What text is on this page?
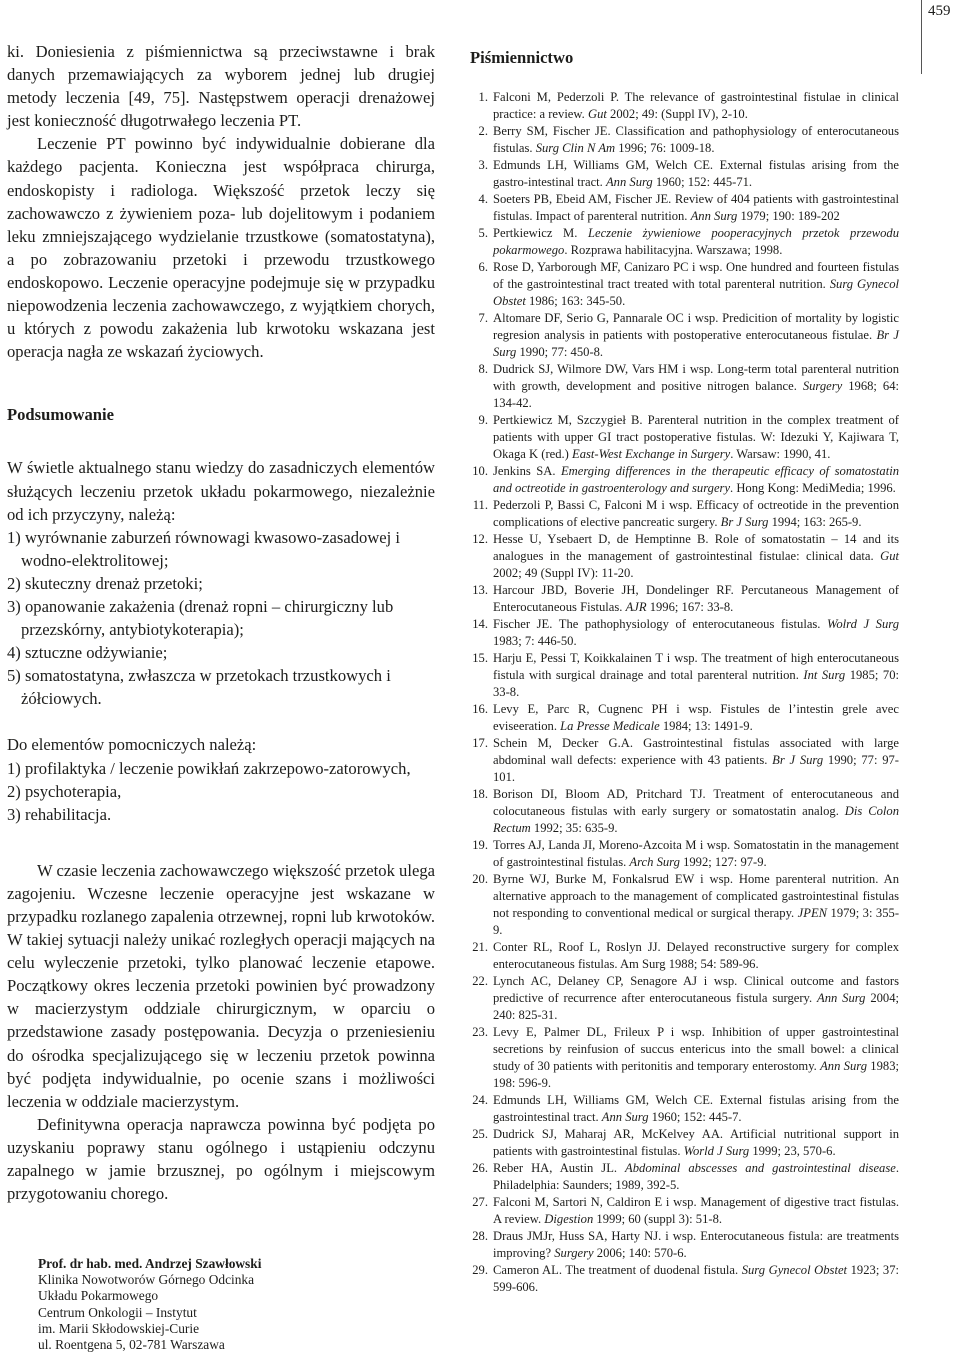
459

ki. Doniesienia z piśmiennictwa są przeciwstawne i brak danych przemawiających za wyborem jednej lub drugiej metody leczenia [49, 75]. Następstwem operacji drenażowej jest konieczność długotrwałego leczenia PT.

Leczenie PT powinno być indywidualnie dobierane dla każdego pacjenta. Konieczna jest współpraca chirurga, endoskopisty i radiologa. Większość przetok leczy się zachowawczo z żywieniem poza- lub dojelitowym i podaniem leku zmniejszającego wydzielanie trzustkowe (somatostatyna), a po zobrazowaniu przetoki i przewodu trzustkowego endoskopowo. Leczenie operacyjne podejmuje się w przypadku niepowodzenia leczenia zachowawczego, z wyjątkiem chorych, u których z powodu zakażenia lub krwotoku wskazana jest operacja nagła ze wskazań życiowych.

Podsumowanie

W świetle aktualnego stanu wiedzy do zasadniczych elementów służących leczeniu przetok układu pokarmowego, niezależnie od ich przyczyny, należą:

1) wyrównanie zaburzeń równowagi kwasowo-zasadowej i wodno-elektrolitowej;
2) skuteczny drenaż przetoki;
3) opanowanie zakażenia (drenaż ropni – chirurgiczny lub przezskórny, antybiotykoterapia);
4) sztuczne odżywianie;
5) somatostatyna, zwłaszcza w przetokach trzustkowych i żółciowych.

Do elementów pomocniczych należą:

1) profilaktyka / leczenie powikłań zakrzepowo-zatorowych,
2) psychoterapia,
3) rehabilitacja.

W czasie leczenia zachowawczego większość przetok ulega zagojeniu. Wczesne leczenie operacyjne jest wskazane w przypadku rozlanego zapalenia otrzewnej, ropni lub krwotoków. W takiej sytuacji należy unikać rozległych operacji mających na celu wyleczenie przetoki, tylko planować leczenie etapowe. Początkowy okres leczenia przetoki powinien być prowadzony w macierzystym oddziale chirurgicznym, w oparciu o przedstawione zasady postępowania. Decyzja o przeniesieniu do ośrodka specjalizującego się w leczeniu przetok powinna być podjęta indywidualnie, po ocenie szans i możliwości leczenia w oddziale macierzystym.

Definitywna operacja naprawcza powinna być podjęta po uzyskaniu poprawy stanu ogólnego i ustąpieniu odczynu zapalnego w jamie brzusznej, po ogólnym i miejscowym przygotowaniu chorego.

Prof. dr hab. med. Andrzej Szawłowski
Klinika Nowotworów Górnego Odcinka
Układu Pokarmowego
Centrum Onkologii – Instytut
im. Marii Skłodowskiej-Curie
ul. Roentgena 5, 02-781 Warszawa
Piśmiennictwo
1. Falconi M, Pederzoli P. The relevance of gastrointestinal fistulae in clinical practice: a review. Gut 2002; 49: (Suppl IV), 2-10.
2. Berry SM, Fischer JE. Classification and pathophysiology of enterocutaneous fistulas. Surg Clin N Am 1996; 76: 1009-18.
3. Edmunds LH, Williams GM, Welch CE. External fistulas arising from the gastro-intestinal tract. Ann Surg 1960; 152: 445-71.
4. Soeters PB, Ebeid AM, Fischer JE. Review of 404 patients with gastrointestinal fistulas. Impact of parenteral nutrition. Ann Surg 1979; 190: 189-202
5. Pertkiewicz M. Leczenie żywieniowe pooperacyjnych przetok przewodu pokarmowego. Rozprawa habilitacyjna. Warszawa; 1998.
6. Rose D, Yarborough MF, Canizaro PC i wsp. One hundred and fourteen fistulas of the gastrointestinal tract treated with total parenteral nutrition. Surg Gynecol Obstet 1986; 163: 345-50.
7. Altomare DF, Serio G, Pannarale OC i wsp. Predicition of mortality by logistic regresion analysis in patients with postoperative enterocutaneous fistulae. Br J Surg 1990; 77: 450-8.
8. Dudrick SJ, Wilmore DW, Vars HM i wsp. Long-term total parenteral nutrition with growth, development and positive nitrogen balance. Surgery 1968; 64: 134-42.
9. Pertkiewicz M, Szczygieł B. Parenteral nutrition in the complex treatment of patients with upper GI tract postoperative fistulas. W: Idezuki Y, Kajiwara T, Okaga K (red.) East-West Exchange in Surgery. Warsaw: 1990, 41.
10. Jenkins SA. Emerging differences in the therapeutic efficacy of somatostatin and octreotide in gastroenterology and surgery. Hong Kong: MediMedia; 1996.
11. Pederzoli P, Bassi C, Falconi M i wsp. Efficacy of octreotide in the prevention complications of elective pancreatic surgery. Br J Surg 1994; 163: 265-9.
12. Hesse U, Ysebaert D, de Hemptinne B. Role of somatostatin – 14 and its analogues in the management of gastrointestinal fistulae: clinical data. Gut 2002; 49 (Suppl IV): 11-20.
13. Harcour JBD, Boverie JH, Dondelinger RF. Percutaneous Management of Enterocutaneous Fistulas. AJR 1996; 167: 33-8.
14. Fischer JE. The pathophysiology of enterocutaneous fistulas. Wolrd J Surg 1983; 7: 446-50.
15. Harju E, Pessi T, Koikkalainen T i wsp. The treatment of high enterocutaneous fistula with surgical drainage and total parenteral nutrition. Int Surg 1985; 70: 33-8.
16. Levy E, Parc R, Cugnenc PH i wsp. Fistules de l’intestin grele avec eviseeration. La Presse Medicale 1984; 13: 1491-9.
17. Schein M, Decker G.A. Gastrointestinal fistulas associated with large abdominal wall defects: experience with 43 patients. Br J Surg 1990; 77: 97-101.
18. Borison DI, Bloom AD, Pritchard TJ. Treatment of enterocutaneous and colocutaneous fistulas with early surgery or somatostatin analog. Dis Colon Rectum 1992; 35: 635-9.
19. Torres AJ, Landa JI, Moreno-Azcoita M i wsp. Somatostatin in the management of gastrointestinal fistulas. Arch Surg 1992; 127: 97-9.
20. Byrne WJ, Burke M, Fonkalsrud EW i wsp. Home parenteral nutrition. An alternative approach to the management of complicated gastrointestinal fistulas not responding to conventional medical or surgical therapy. JPEN 1979; 3: 355-9.
21. Conter RL, Roof L, Roslyn JJ. Delayed reconstructive surgery for complex enterocutaneous fistulas. Am Surg 1988; 54: 589-96.
22. Lynch AC, Delaney CP, Senagore AJ i wsp. Clinical outcome and fastors predictive of recurrence after enterocutaneous fistula surgery. Ann Surg 2004; 240: 825-31.
23. Levy E, Palmer DL, Frileux P i wsp. Inhibition of upper gastrointestinal secretions by reinfusion of succus entericus into the small bowel: a clinical study of 30 patients with peritonitis and temporary enterostomy. Ann Surg 1983; 198: 596-9.
24. Edmunds LH, Williams GM, Welch CE. External fistulas arising from the gastrointestinal tract. Ann Surg 1960; 152: 445-7.
25. Dudrick SJ, Maharaj AR, McKelvey AA. Artificial nutritional support in patients with gastrointestinal fistulas. World J Surg 1999; 23, 570-6.
26. Reber HA, Austin JL. Abdominal abscesses and gastrointestinal disease. Philadelphia: Saunders; 1989, 392-5.
27. Falconi M, Sartori N, Caldiron E i wsp. Management of digestive tract fistulas. A review. Digestion 1999; 60 (suppl 3): 51-8.
28. Draus JMJr, Huss SA, Harty NJ. i wsp. Enterocutaneous fistula: are treatments improving? Surgery 2006; 140: 570-6.
29. Cameron AL. The treatment of duodenal fistula. Surg Gynecol Obstet 1923; 37: 599-606.
